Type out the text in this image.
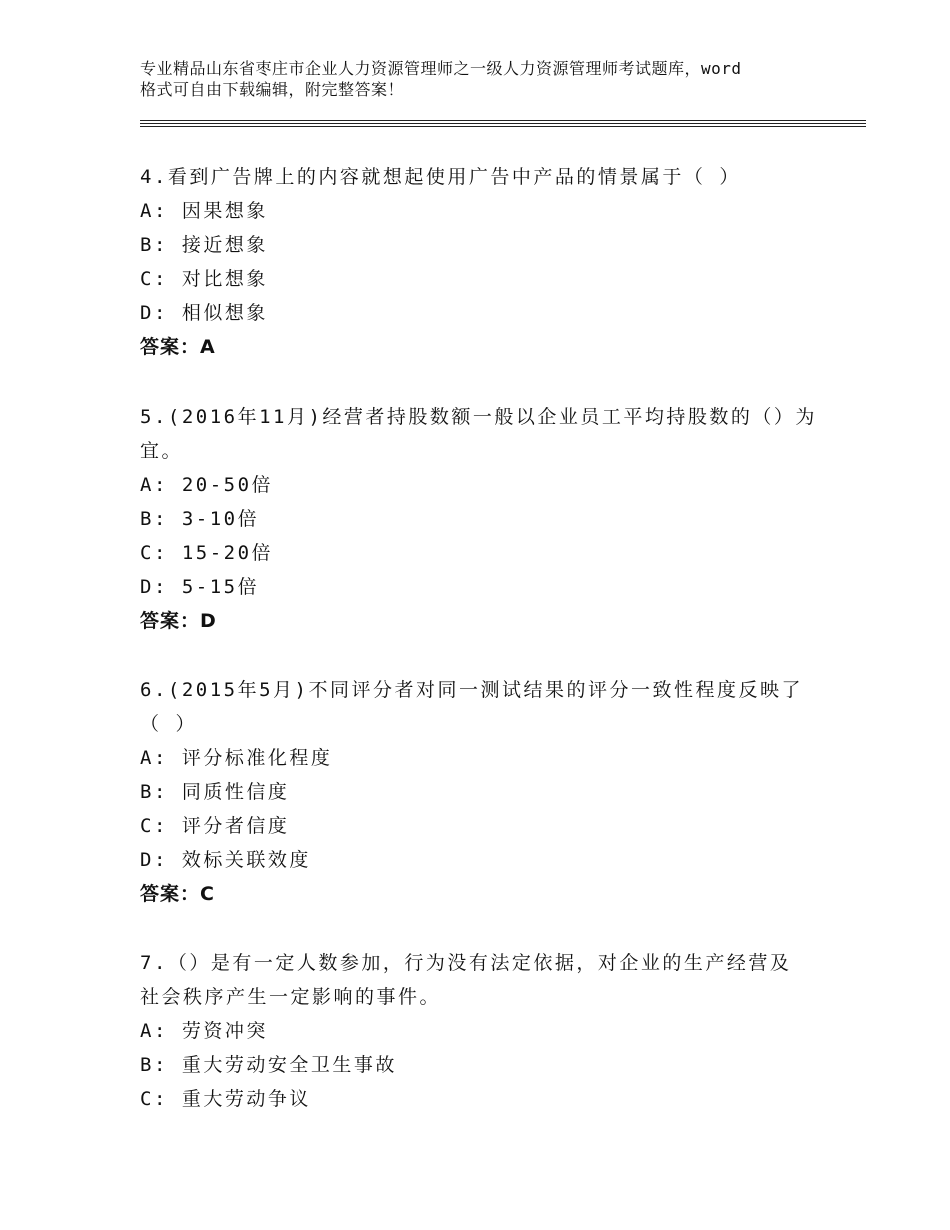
专业精品山东省枣庄市企业人力资源管理师之一级人力资源管理师考试题库，word
格式可自由下载编辑，附完整答案！
4.看到广告牌上的内容就想起使用广告中产品的情景属于（ ）
A: 因果想象
B: 接近想象
C: 对比想象
D: 相似想象
答案：A
5.(2016年11月)经营者持股数额一般以企业员工平均持股数的（）为
宜。
A: 20-50倍
B: 3-10倍
C: 15-20倍
D: 5-15倍
答案：D
6.(2015年5月)不同评分者对同一测试结果的评分一致性程度反映了
（ ）
A: 评分标准化程度
B: 同质性信度
C: 评分者信度
D: 效标关联效度
答案：C
7.（）是有一定人数参加，行为没有法定依据，对企业的生产经营及
社会秩序产生一定影响的事件。
A: 劳资冲突
B: 重大劳动安全卫生事故
C: 重大劳动争议
